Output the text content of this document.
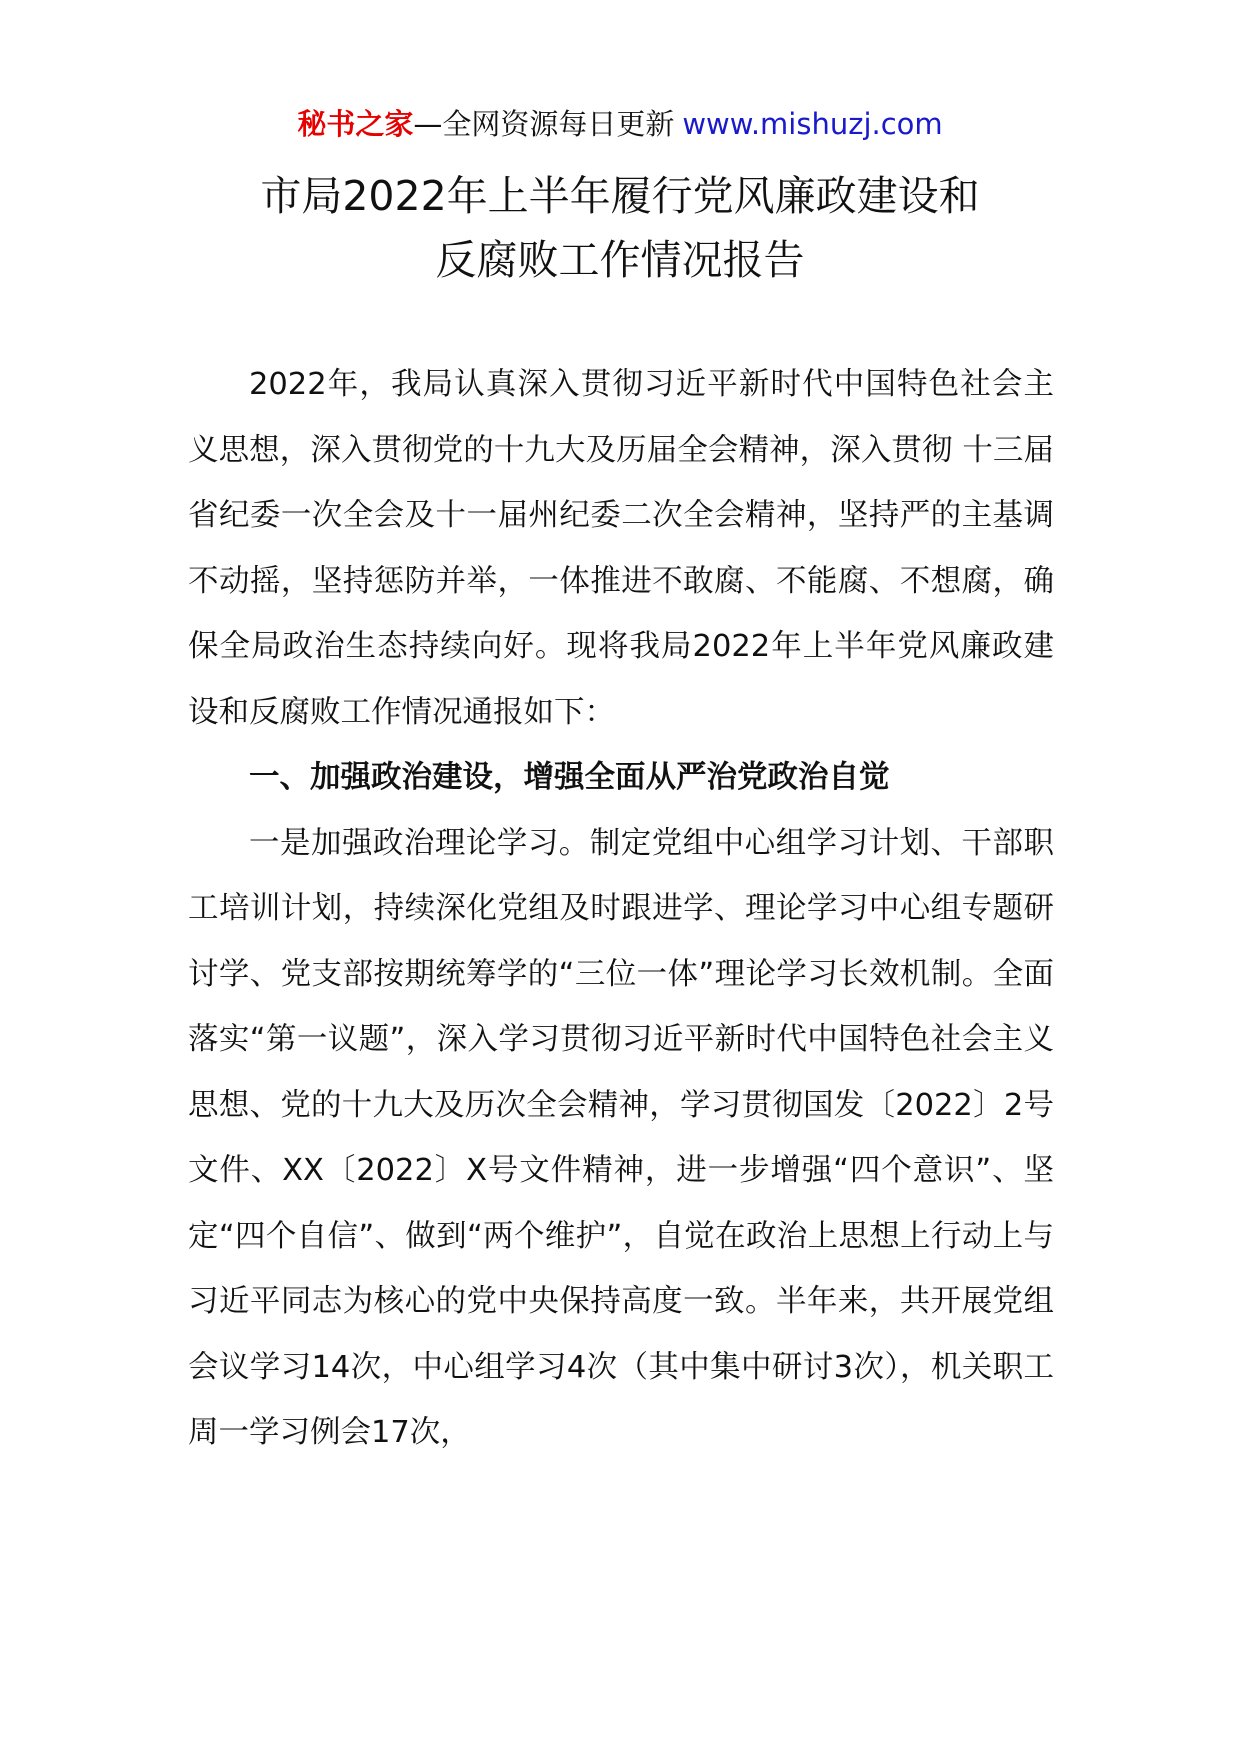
秘书之家—全网资源每日更新 www.mishuzj.com
市局2022年上半年履行党风廉政建设和
反腐败工作情况报告

2022年，我局认真深入贯彻习近平新时代中国特色社会主义思想，深入贯彻党的十九大及历届全会精神，深入贯彻 十三届省纪委一次全会及十一届州纪委二次全会精神，坚持严的主基调不动摇，坚持惩防并举，一体推进不敢腐、不能腐、不想腐，确保全局政治生态持续向好。现将我局2022年上半年党风廉政建设和反腐败工作情况通报如下：

一、加强政治建设，增强全面从严治党政治自觉

一是加强政治理论学习。制定党组中心组学习计划、干部职工培训计划，持续深化党组及时跟进学、理论学习中心组专题研讨学、党支部按期统筹学的“三位一体”理论学习长效机制。全面落实“第一议题”，深入学习贯彻习近平新时代中国特色社会主义思想、党的十九大及历次全会精神，学习贯彻国发〔2022〕2号文件、XX〔2022〕X号文件精神，进一步增强“四个意识”、坚定“四个自信”、做到“两个维护”，自觉在政治上思想上行动上与习近平同志为核心的党中央保持高度一致。半年来，共开展党组会议学习14次，中心组学习4次（其中集中研讨3次），机关职工周一学习例会17次，
